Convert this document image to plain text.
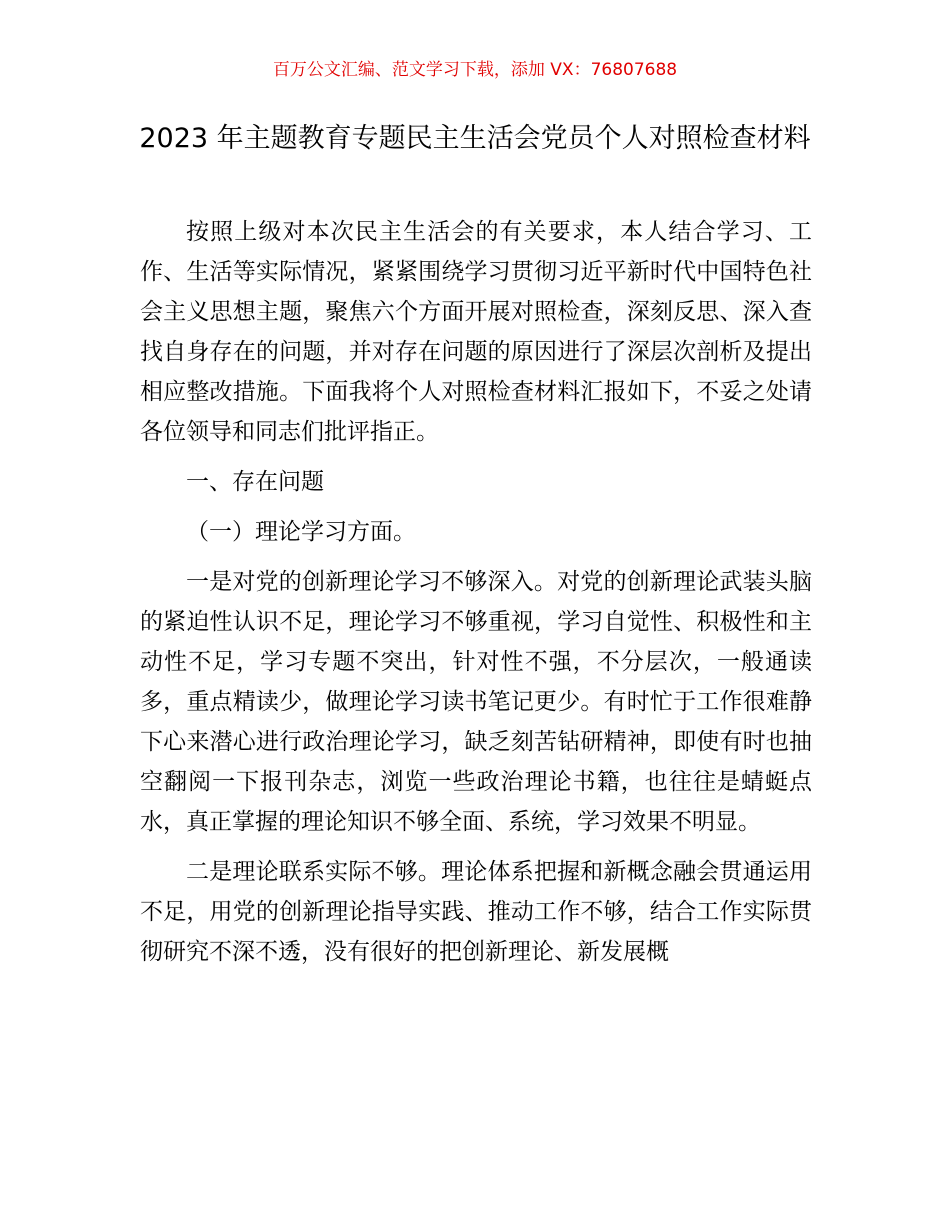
百万公文汇编、范文学习下载，添加 VX：76807688
2023 年主题教育专题民主生活会党员个人对照检查材料

按照上级对本次民主生活会的有关要求，本人结合学习、工作、生活等实际情况，紧紧围绕学习贯彻习近平新时代中国特色社会主义思想主题，聚焦六个方面开展对照检查，深刻反思、深入查找自身存在的问题，并对存在问题的原因进行了深层次剖析及提出相应整改措施。下面我将个人对照检查材料汇报如下，不妥之处请各位领导和同志们批评指正。

一、存在问题

（一）理论学习方面。

一是对党的创新理论学习不够深入。对党的创新理论武装头脑的紧迫性认识不足，理论学习不够重视，学习自觉性、积极性和主动性不足，学习专题不突出，针对性不强，不分层次，一般通读多，重点精读少，做理论学习读书笔记更少。有时忙于工作很难静下心来潜心进行政治理论学习，缺乏刻苦钻研精神，即使有时也抽空翻阅一下报刊杂志，浏览一些政治理论书籍，也往往是蜻蜓点水，真正掌握的理论知识不够全面、系统，学习效果不明显。

二是理论联系实际不够。理论体系把握和新概念融会贯通运用不足，用党的创新理论指导实践、推动工作不够，结合工作实际贯彻研究不深不透，没有很好的把创新理论、新发展概
